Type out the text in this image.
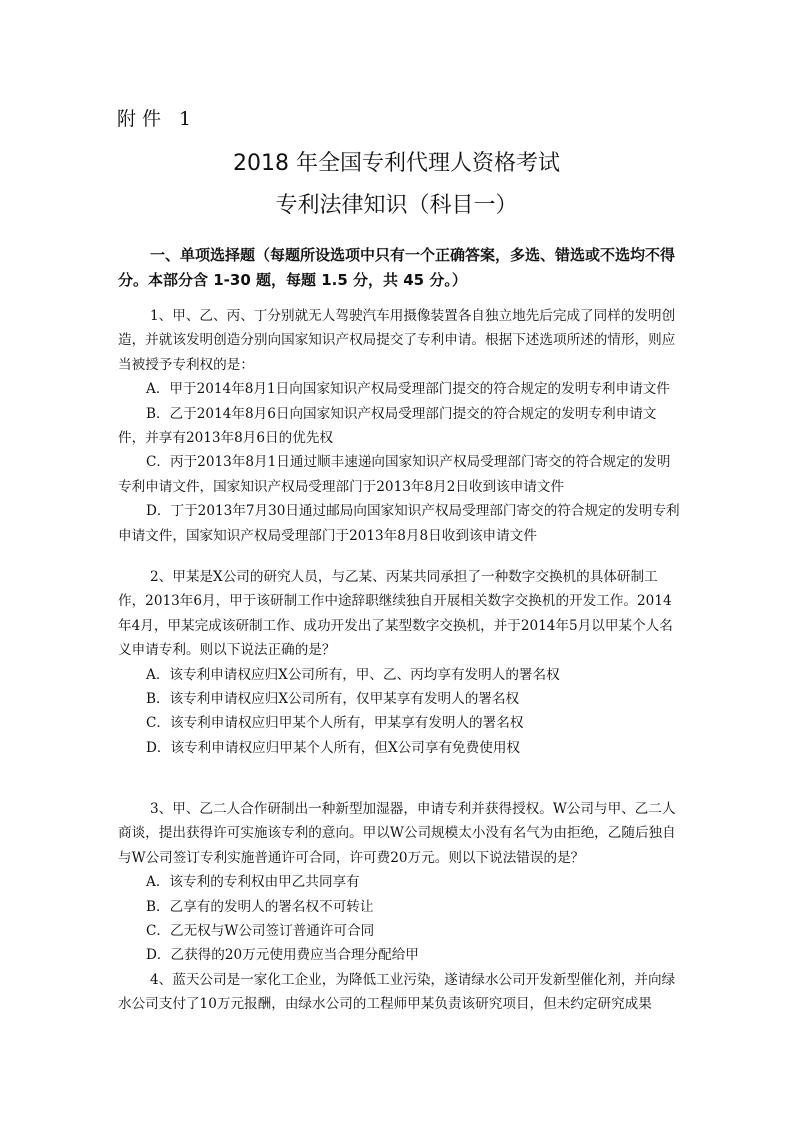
附件 1

2018 年全国专利代理人资格考试
专利法律知识（科目一）

一、单项选择题（每题所设选项中只有一个正确答案，多选、错选或不选均不得分。本部分含 1-30 题，每题 1.5 分，共 45 分。）

1、甲、乙、丙、丁分别就无人驾驶汽车用摄像装置各自独立地先后完成了同样的发明创造，并就该发明创造分别向国家知识产权局提交了专利申请。根据下述选项所述的情形，则应当被授予专利权的是：

A．甲于2014年8月1日向国家知识产权局受理部门提交的符合规定的发明专利申请文件

B．乙于2014年8月6日向国家知识产权局受理部门提交的符合规定的发明专利申请文件，并享有2013年8月6日的优先权

C．丙于2013年8月1日通过顺丰速递向国家知识产权局受理部门寄交的符合规定的发明专利申请文件，国家知识产权局受理部门于2013年8月2日收到该申请文件

D．丁于2013年7月30日通过邮局向国家知识产权局受理部门寄交的符合规定的发明专利申请文件，国家知识产权局受理部门于2013年8月8日收到该申请文件

2、甲某是X公司的研究人员，与乙某、丙某共同承担了一种数字交换机的具体研制工作，2013年6月，甲于该研制工作中途辞职继续独自开展相关数字交换机的开发工作。2014年4月，甲某完成该研制工作、成功开发出了某型数字交换机，并于2014年5月以甲某个人名义申请专利。则以下说法正确的是？

A．该专利申请权应归X公司所有，甲、乙、丙均享有发明人的署名权

B．该专利申请权应归X公司所有，仅甲某享有发明人的署名权

C．该专利申请权应归甲某个人所有，甲某享有发明人的署名权

D．该专利申请权应归甲某个人所有，但X公司享有免费使用权

3、甲、乙二人合作研制出一种新型加湿器，申请专利并获得授权。W公司与甲、乙二人商谈，提出获得许可实施该专利的意向。甲以W公司规模太小没有名气为由拒绝，乙随后独自与W公司签订专利实施普通许可合同，许可费20万元。则以下说法错误的是？

A．该专利的专利权由甲乙共同享有

B．乙享有的发明人的署名权不可转让

C．乙无权与W公司签订普通许可合同

D．乙获得的20万元使用费应当合理分配给甲

4、蓝天公司是一家化工企业，为降低工业污染，遂请绿水公司开发新型催化剂，并向绿水公司支付了10万元报酬，由绿水公司的工程师甲某负责该研究项目，但未约定研究成果
